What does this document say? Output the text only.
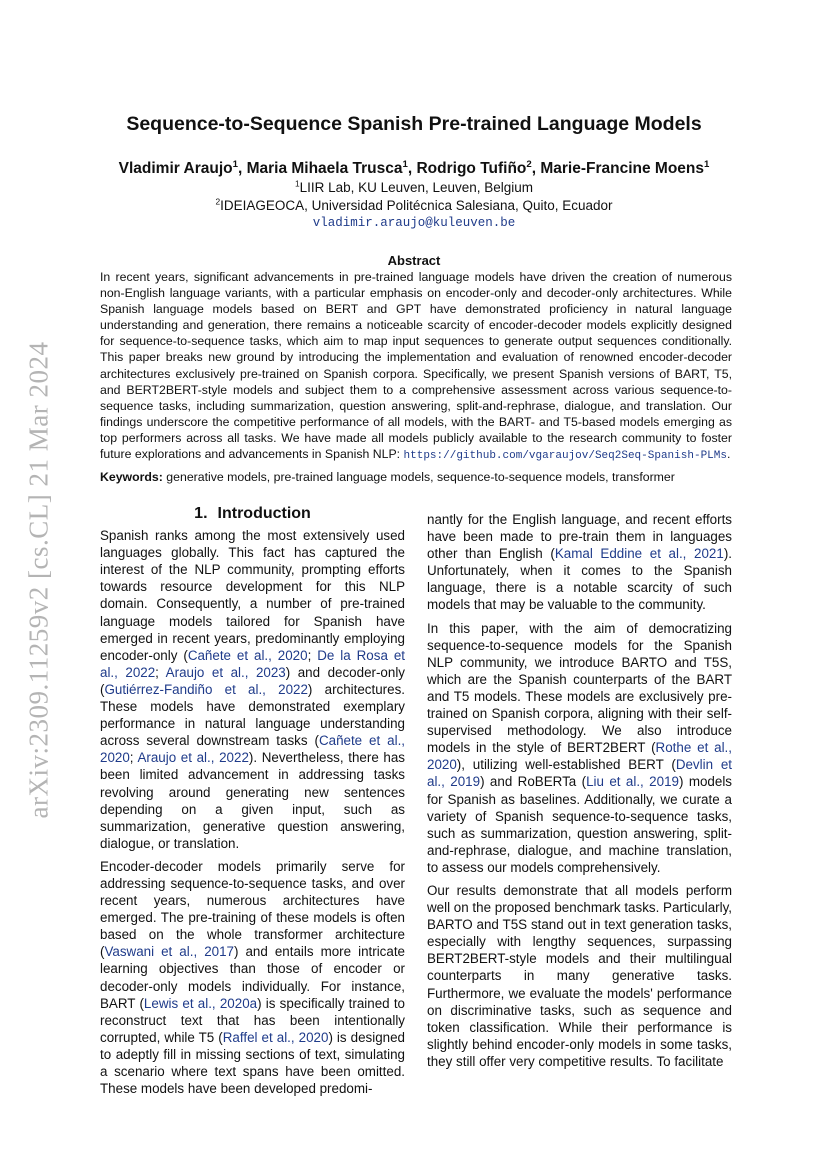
arXiv:2309.11259v2 [cs.CL] 21 Mar 2024
Sequence-to-Sequence Spanish Pre-trained Language Models
Vladimir Araujo$^1$, Maria Mihaela Trusca$^1$, Rodrigo Tufiño$^2$, Marie-Francine Moens$^1$
$^1$LIIR Lab, KU Leuven, Leuven, Belgium
$^2$IDEIAGEOCA, Universidad Politécnica Salesiana, Quito, Ecuador
vladimir.araujo@kuleuven.be
Abstract
In recent years, significant advancements in pre-trained language models have driven the creation of numerous non-English language variants, with a particular emphasis on encoder-only and decoder-only architectures. While Spanish language models based on BERT and GPT have demonstrated proficiency in natural language understanding and generation, there remains a noticeable scarcity of encoder-decoder models explicitly designed for sequence-to-sequence tasks, which aim to map input sequences to generate output sequences conditionally. This paper breaks new ground by introducing the implementation and evaluation of renowned encoder-decoder architectures exclusively pre-trained on Spanish corpora. Specifically, we present Spanish versions of BART, T5, and BERT2BERT-style models and subject them to a comprehensive assessment across various sequence-to-sequence tasks, including summarization, question answering, split-and-rephrase, dialogue, and translation. Our findings underscore the competitive performance of all models, with the BART- and T5-based models emerging as top performers across all tasks. We have made all models publicly available to the research community to foster future explorations and advancements in Spanish NLP: https://github.com/vgaraujov/Seq2Seq-Spanish-PLMs.
Keywords: generative models, pre-trained language models, sequence-to-sequence models, transformer
1. Introduction

Spanish ranks among the most extensively used languages globally. This fact has captured the interest of the NLP community, prompting efforts towards resource development for this NLP domain. Consequently, a number of pre-trained language models tailored for Spanish have emerged in recent years, predominantly employing encoder-only (Cañete et al., 2020; De la Rosa et al., 2022; Araujo et al., 2023) and decoder-only (Gutiérrez-Fandiño et al., 2022) architectures. These models have demonstrated exemplary performance in natural language understanding across several downstream tasks (Cañete et al., 2020; Araujo et al., 2022). Nevertheless, there has been limited advancement in addressing tasks revolving around generating new sentences depending on a given input, such as summarization, generative question answering, dialogue, or translation.

Encoder-decoder models primarily serve for addressing sequence-to-sequence tasks, and over recent years, numerous architectures have emerged. The pre-training of these models is often based on the whole transformer architecture (Vaswani et al., 2017) and entails more intricate learning objectives than those of encoder or decoder-only models individually. For instance, BART (Lewis et al., 2020a) is specifically trained to reconstruct text that has been intentionally corrupted, while T5 (Raffel et al., 2020) is designed to adeptly fill in missing sections of text, simulating a scenario where text spans have been omitted. These models have been developed predomi-

nantly for the English language, and recent efforts have been made to pre-train them in languages other than English (Kamal Eddine et al., 2021). Unfortunately, when it comes to the Spanish language, there is a notable scarcity of such models that may be valuable to the community.

In this paper, with the aim of democratizing sequence-to-sequence models for the Spanish NLP community, we introduce BARTO and T5S, which are the Spanish counterparts of the BART and T5 models. These models are exclusively pre-trained on Spanish corpora, aligning with their self-supervised methodology. We also introduce models in the style of BERT2BERT (Rothe et al., 2020), utilizing well-established BERT (Devlin et al., 2019) and RoBERTa (Liu et al., 2019) models for Spanish as baselines. Additionally, we curate a variety of Spanish sequence-to-sequence tasks, such as summarization, question answering, split-and-rephrase, dialogue, and machine translation, to assess our models comprehensively.

Our results demonstrate that all models perform well on the proposed benchmark tasks. Particularly, BARTO and T5S stand out in text generation tasks, especially with lengthy sequences, surpassing BERT2BERT-style models and their multilingual counterparts in many generative tasks. Furthermore, we evaluate the models' performance on discriminative tasks, such as sequence and token classification. While their performance is slightly behind encoder-only models in some tasks, they still offer very competitive results. To facilitate
